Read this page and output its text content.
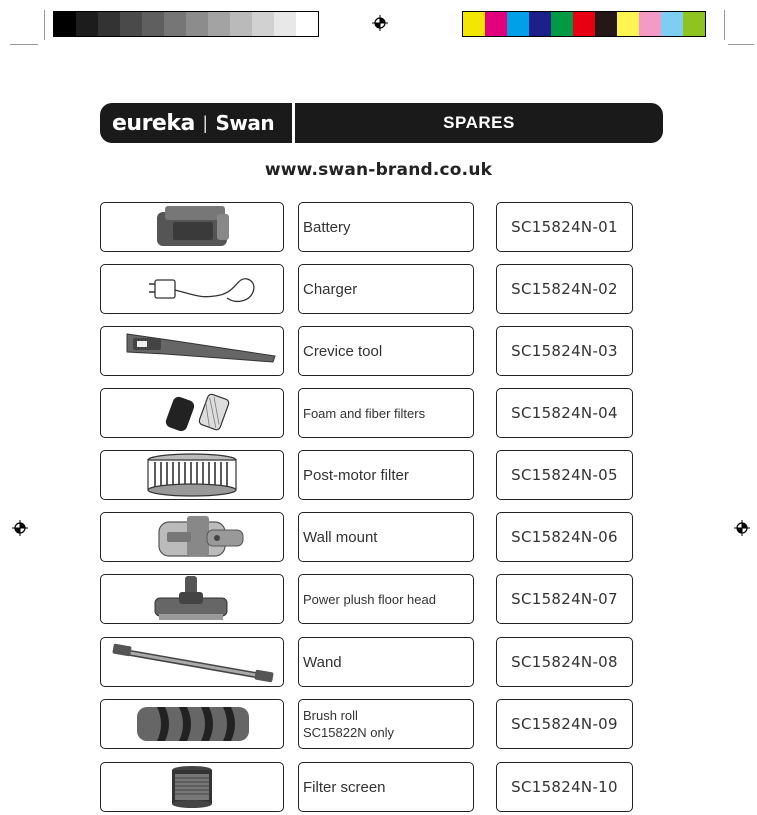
eureka | Swan	SPARES
www.swan-brand.co.uk
Battery	SC15824N-01
Charger	SC15824N-02
Crevice tool	SC15824N-03
Foam and fiber filters	SC15824N-04
Post-motor filter	SC15824N-05
Wall mount	SC15824N-06
Power plush floor head	SC15824N-07
Wand	SC15824N-08
Brush roll
SC15822N only	SC15824N-09
Filter screen	SC15824N-10
